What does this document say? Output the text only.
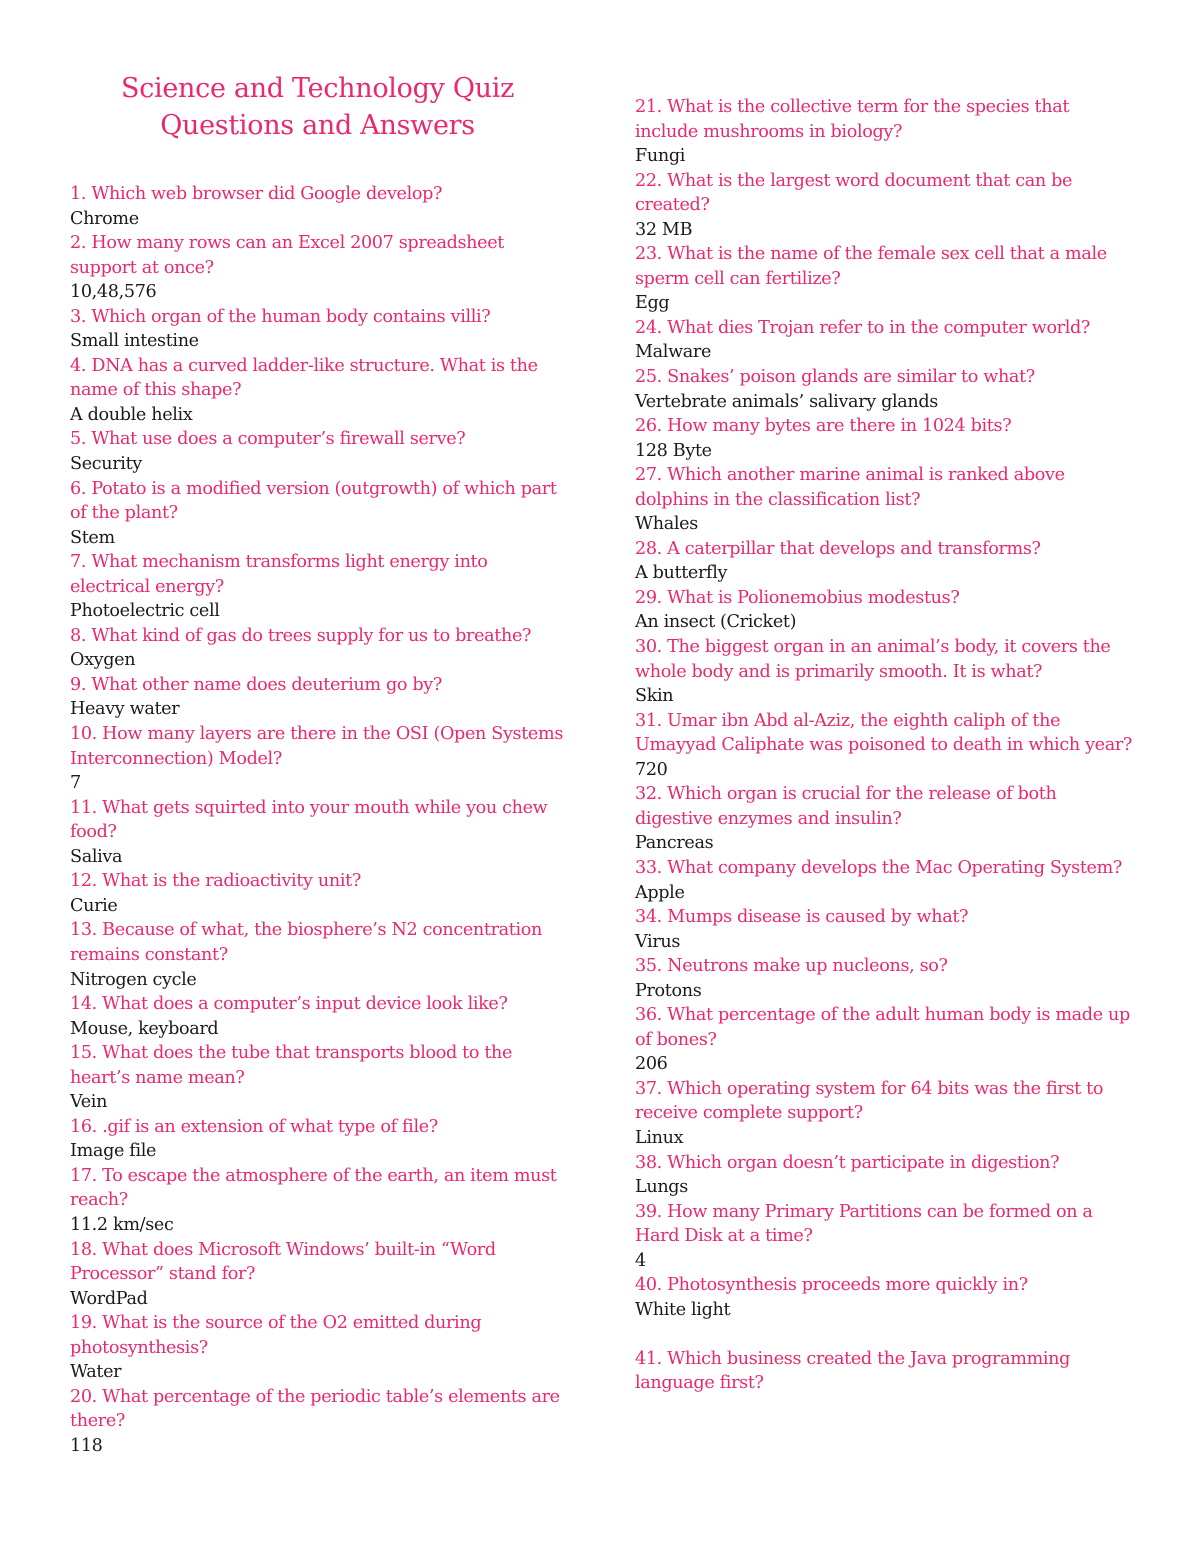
Science and Technology Quiz
Questions and Answers
1. Which web browser did Google develop?
Chrome
2. How many rows can an Excel 2007 spreadsheet support at once?
10,48,576
3. Which organ of the human body contains villi?
Small intestine
4. DNA has a curved ladder-like structure. What is the name of this shape?
A double helix
5. What use does a computer’s firewall serve?
Security
6. Potato is a modified version (outgrowth) of which part of the plant?
Stem
7. What mechanism transforms light energy into electrical energy?
Photoelectric cell
8. What kind of gas do trees supply for us to breathe?
Oxygen
9. What other name does deuterium go by?
Heavy water
10. How many layers are there in the OSI (Open Systems Interconnection) Model?
7
11. What gets squirted into your mouth while you chew food?
Saliva
12. What is the radioactivity unit?
Curie
13. Because of what, the biosphere’s N2 concentration remains constant?
Nitrogen cycle
14. What does a computer’s input device look like?
Mouse, keyboard
15. What does the tube that transports blood to the heart’s name mean?
Vein
16. .gif is an extension of what type of file?
Image file
17. To escape the atmosphere of the earth, an item must reach?
11.2 km/sec
18. What does Microsoft Windows’ built-in “Word Processor” stand for?
WordPad
19. What is the source of the O2 emitted during photosynthesis?
Water
20. What percentage of the periodic table’s elements are there?
118
21. What is the collective term for the species that include mushrooms in biology?
Fungi
22. What is the largest word document that can be created?
32 MB
23. What is the name of the female sex cell that a male sperm cell can fertilize?
Egg
24. What dies Trojan refer to in the computer world?
Malware
25. Snakes’ poison glands are similar to what?
Vertebrate animals’ salivary glands
26. How many bytes are there in 1024 bits?
128 Byte
27. Which another marine animal is ranked above dolphins in the classification list?
Whales
28. A caterpillar that develops and transforms?
A butterfly
29. What is Polionemobius modestus?
An insect (Cricket)
30. The biggest organ in an animal’s body, it covers the whole body and is primarily smooth. It is what?
Skin
31. Umar ibn Abd al-Aziz, the eighth caliph of the Umayyad Caliphate was poisoned to death in which year?
720
32. Which organ is crucial for the release of both digestive enzymes and insulin?
Pancreas
33. What company develops the Mac Operating System?
Apple
34. Mumps disease is caused by what?
Virus
35. Neutrons make up nucleons, so?
Protons
36. What percentage of the adult human body is made up of bones?
206
37. Which operating system for 64 bits was the first to receive complete support?
Linux
38. Which organ doesn’t participate in digestion?
Lungs
39. How many Primary Partitions can be formed on a Hard Disk at a time?
4
40. Photosynthesis proceeds more quickly in?
White light
41. Which business created the Java programming language first?
